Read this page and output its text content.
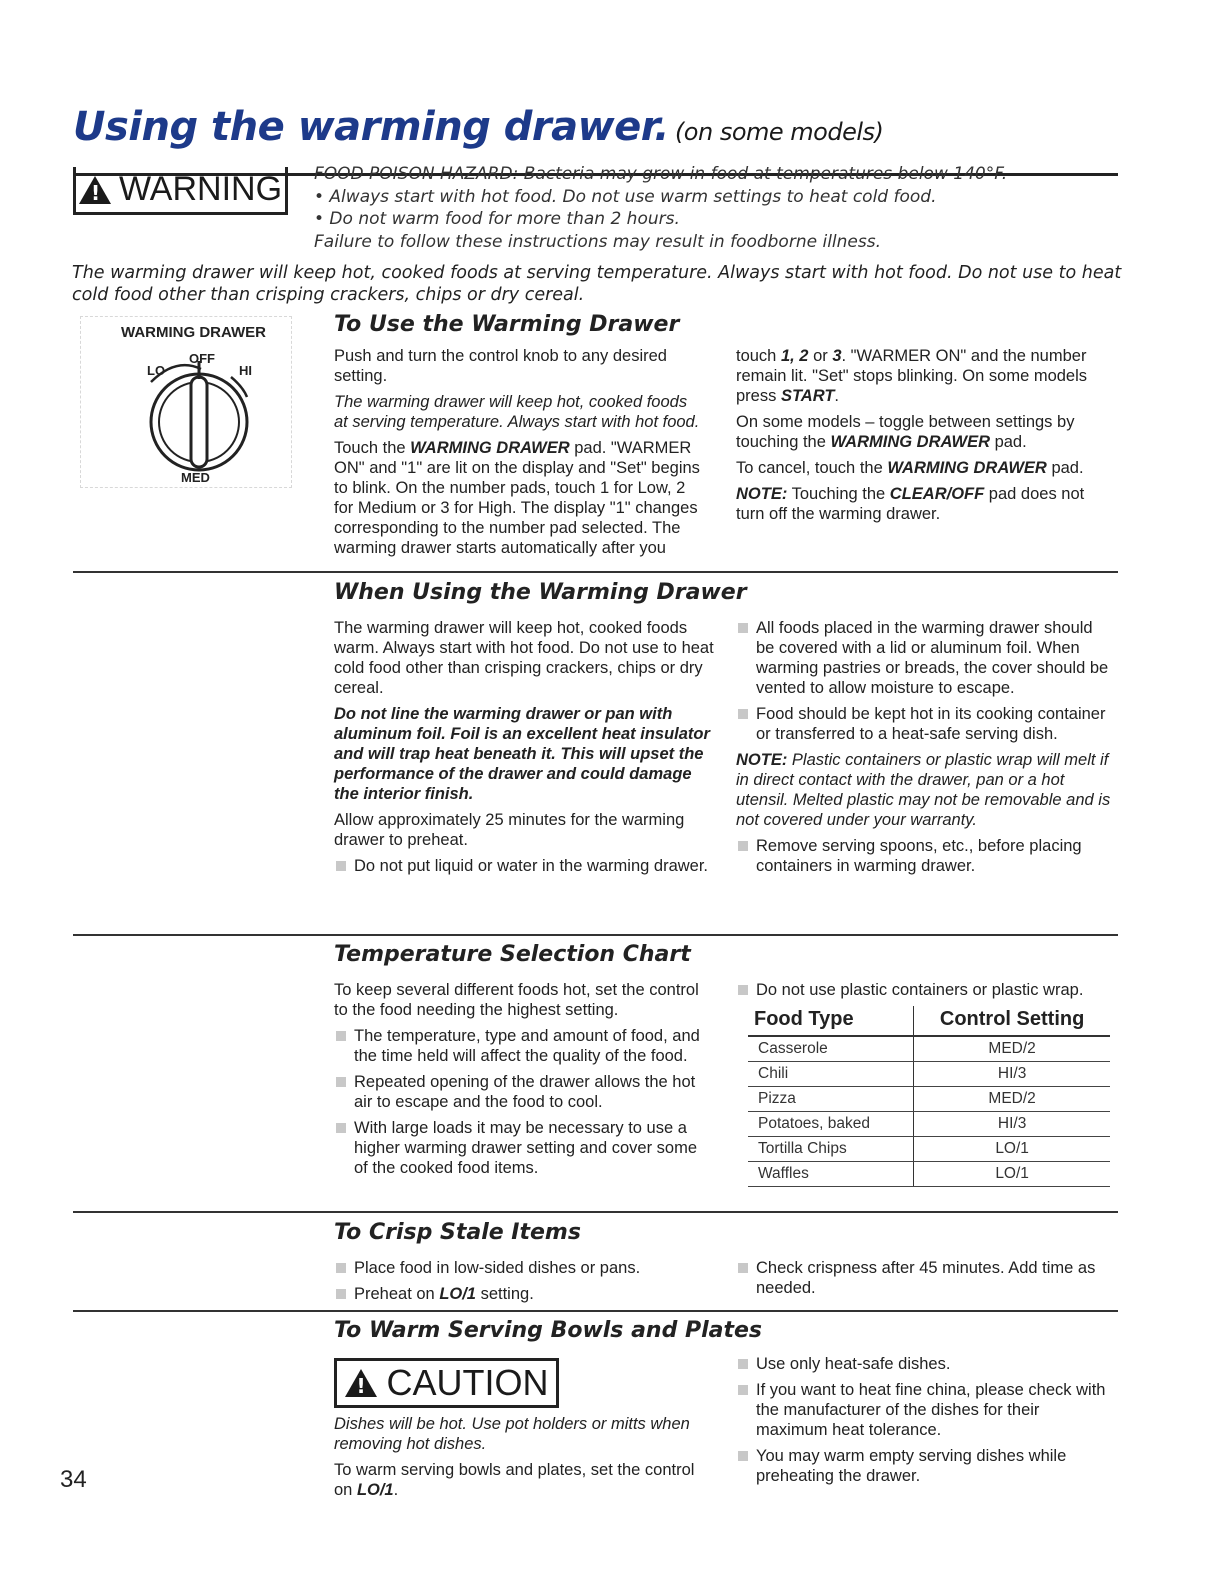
Using the warming drawer. (on some models)
!
WARNING FOOD POISON HAZARD: Bacteria may grow in food at temperatures below 140°F.
• Always start with hot food. Do not use warm settings to heat cold food.
• Do not warm food for more than 2 hours.
Failure to follow these instructions may result in foodborne illness.
The warming drawer will keep hot, cooked foods at serving temperature. Always start with hot food. Do not use to heat cold food other than crisping crackers, chips or dry cereal.
WARMING DRAWER
LO
OFF
HI
MED
To Use the Warming Drawer

Push and turn the control knob to any desired setting.

The warming drawer will keep hot, cooked foods at serving temperature. Always start with hot food.

Touch the WARMING DRAWER pad. "WARMER ON" and "1" are lit on the display and "Set" begins to blink. On the number pads, touch 1 for Low, 2 for Medium or 3 for High. The display "1" changes corresponding to the number pad selected. The warming drawer starts automatically after you

touch 1, 2 or 3. "WARMER ON" and the number remain lit. "Set" stops blinking. On some models press START.

On some models – toggle between settings by touching the WARMING DRAWER pad.

To cancel, touch the WARMING DRAWER pad.

NOTE: Touching the CLEAR/OFF pad does not turn off the warming drawer.

When Using the Warming Drawer

The warming drawer will keep hot, cooked foods warm. Always start with hot food. Do not use to heat cold food other than crisping crackers, chips or dry cereal.

Do not line the warming drawer or pan with aluminum foil. Foil is an excellent heat insulator and will trap heat beneath it. This will upset the performance of the drawer and could damage the interior finish.

Allow approximately 25 minutes for the warming drawer to preheat.

Do not put liquid or water in the warming drawer.

All foods placed in the warming drawer should be covered with a lid or aluminum foil. When warming pastries or breads, the cover should be vented to allow moisture to escape.

Food should be kept hot in its cooking container or transferred to a heat-safe serving dish.

NOTE: Plastic containers or plastic wrap will melt if in direct contact with the drawer, pan or a hot utensil. Melted plastic may not be removable and is not covered under your warranty.

Remove serving spoons, etc., before placing containers in warming drawer.

Temperature Selection Chart

To keep several different foods hot, set the control to the food needing the highest setting.

The temperature, type and amount of food, and the time held will affect the quality of the food.

Repeated opening of the drawer allows the hot air to escape and the food to cool.

With large loads it may be necessary to use a higher warming drawer setting and cover some of the cooked food items.

Do not use plastic containers or plastic wrap.

Food Type	Control Setting
Casserole	MED/2
Chili	HI/3
Pizza	MED/2
Potatoes, baked	HI/3
Tortilla Chips	LO/1
Waffles	LO/1
To Crisp Stale Items

Place food in low-sided dishes or pans.

Preheat on LO/1 setting.

Check crispness after 45 minutes. Add time as needed.

To Warm Serving Bowls and Plates
!
CAUTION

Dishes will be hot. Use pot holders or mitts when removing hot dishes.

To warm serving bowls and plates, set the control on LO/1.

Use only heat-safe dishes.

If you want to heat fine china, please check with the manufacturer of the dishes for their maximum heat tolerance.

You may warm empty serving dishes while preheating the drawer.

34
